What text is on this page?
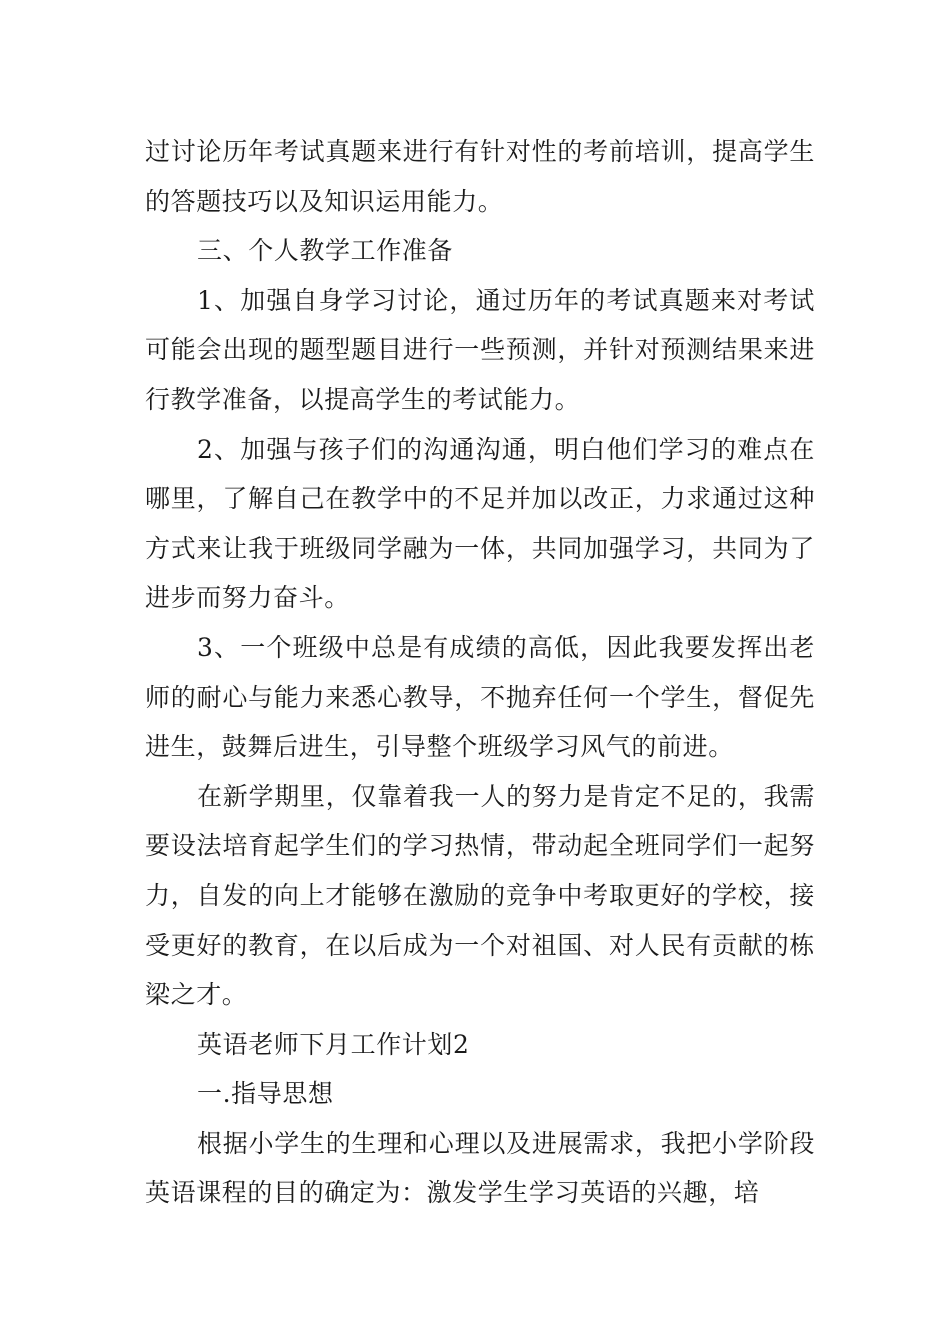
过讨论历年考试真题来进行有针对性的考前培训，提高学生的答题技巧以及知识运用能力。

三、个人教学工作准备

1、加强自身学习讨论，通过历年的考试真题来对考试可能会出现的题型题目进行一些预测，并针对预测结果来进行教学准备，以提高学生的考试能力。

2、加强与孩子们的沟通沟通，明白他们学习的难点在哪里，了解自己在教学中的不足并加以改正，力求通过这种方式来让我于班级同学融为一体，共同加强学习，共同为了进步而努力奋斗。

3、一个班级中总是有成绩的高低，因此我要发挥出老师的耐心与能力来悉心教导，不抛弃任何一个学生，督促先进生，鼓舞后进生，引导整个班级学习风气的前进。

在新学期里，仅靠着我一人的努力是肯定不足的，我需要设法培育起学生们的学习热情，带动起全班同学们一起努力，自发的向上才能够在激励的竞争中考取更好的学校，接受更好的教育，在以后成为一个对祖国、对人民有贡献的栋梁之才。

英语老师下月工作计划2

一.指导思想

根据小学生的生理和心理以及进展需求，我把小学阶段英语课程的目的确定为：激发学生学习英语的兴趣，培
